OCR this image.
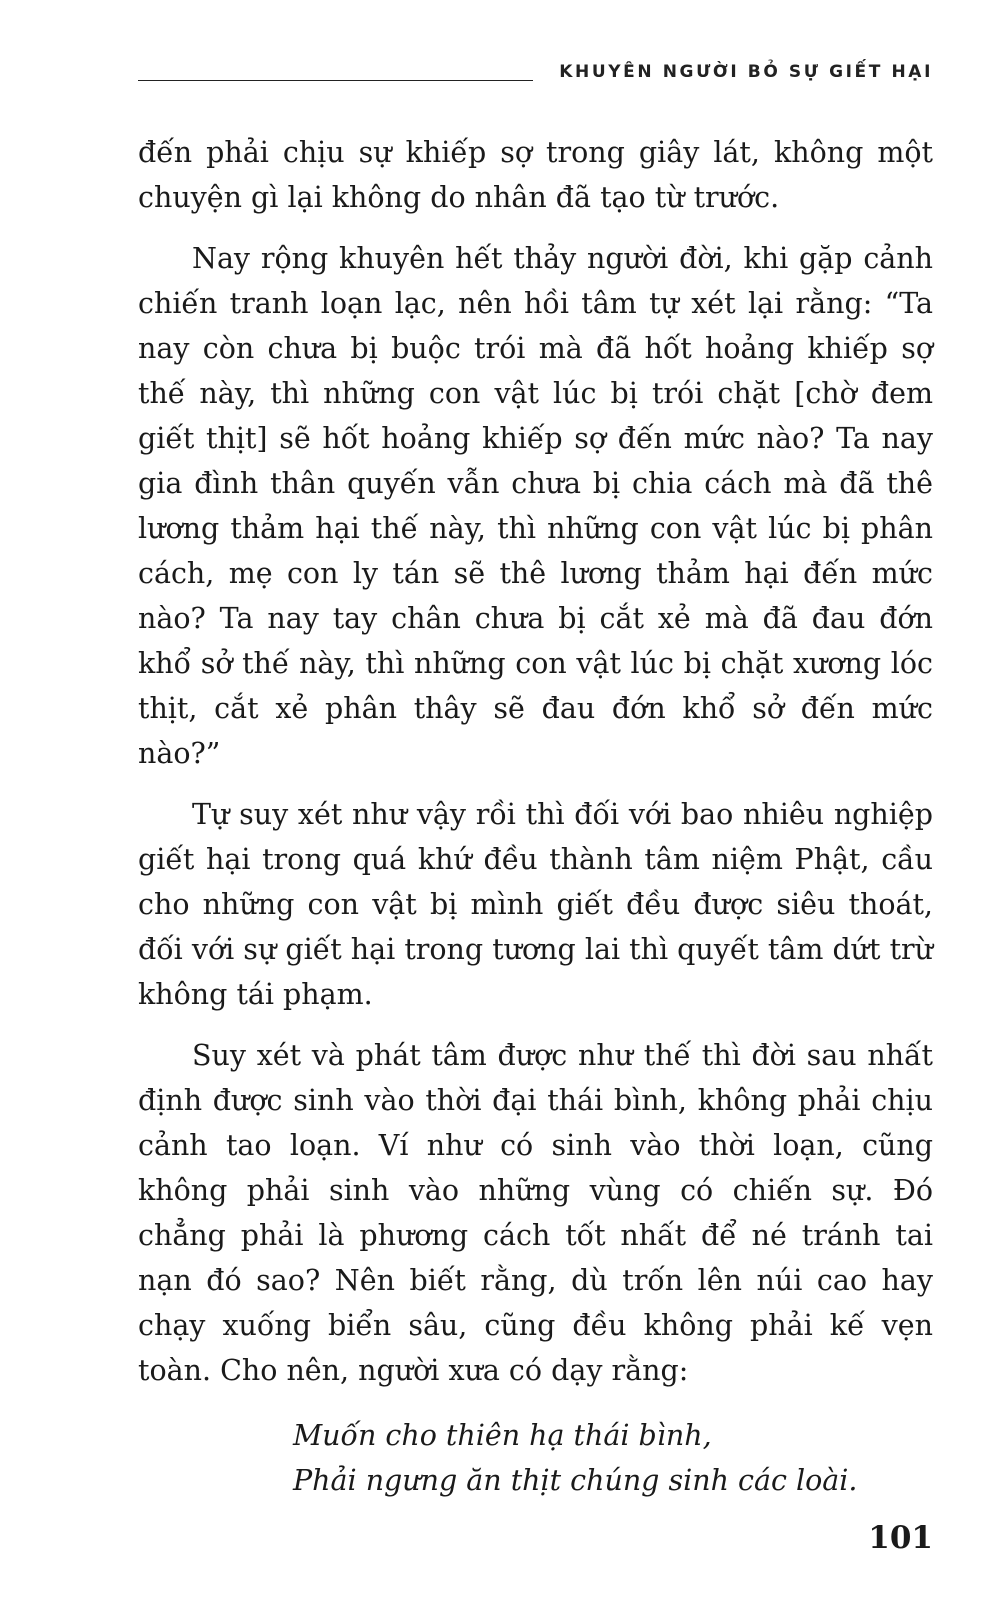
KHUYÊN NGƯỜI BỎ SỰ GIẾT HẠI

đến phải chịu sự khiếp sợ trong giây lát, không một chuyện gì lại không do nhân đã tạo từ trước.

Nay rộng khuyên hết thảy người đời, khi gặp cảnh chiến tranh loạn lạc, nên hồi tâm tự xét lại rằng: “Ta nay còn chưa bị buộc trói mà đã hốt hoảng khiếp sợ thế này, thì những con vật lúc bị trói chặt [chờ đem giết thịt] sẽ hốt hoảng khiếp sợ đến mức nào? Ta nay gia đình thân quyến vẫn chưa bị chia cách mà đã thê lương thảm hại thế này, thì những con vật lúc bị phân cách, mẹ con ly tán sẽ thê lương thảm hại đến mức nào? Ta nay tay chân chưa bị cắt xẻ mà đã đau đớn khổ sở thế này, thì những con vật lúc bị chặt xương lóc thịt, cắt xẻ phân thây sẽ đau đớn khổ sở đến mức nào?”

Tự suy xét như vậy rồi thì đối với bao nhiêu nghiệp giết hại trong quá khứ đều thành tâm niệm Phật, cầu cho những con vật bị mình giết đều được siêu thoát, đối với sự giết hại trong tương lai thì quyết tâm dứt trừ không tái phạm.

Suy xét và phát tâm được như thế thì đời sau nhất định được sinh vào thời đại thái bình, không phải chịu cảnh tao loạn. Ví như có sinh vào thời loạn, cũng không phải sinh vào những vùng có chiến sự. Đó chẳng phải là phương cách tốt nhất để né tránh tai nạn đó sao? Nên biết rằng, dù trốn lên núi cao hay chạy xuống biển sâu, cũng đều không phải kế vẹn toàn. Cho nên, người xưa có dạy rằng:

Muốn cho thiên hạ thái bình,
Phải ngưng ăn thịt chúng sinh các loài.
101
